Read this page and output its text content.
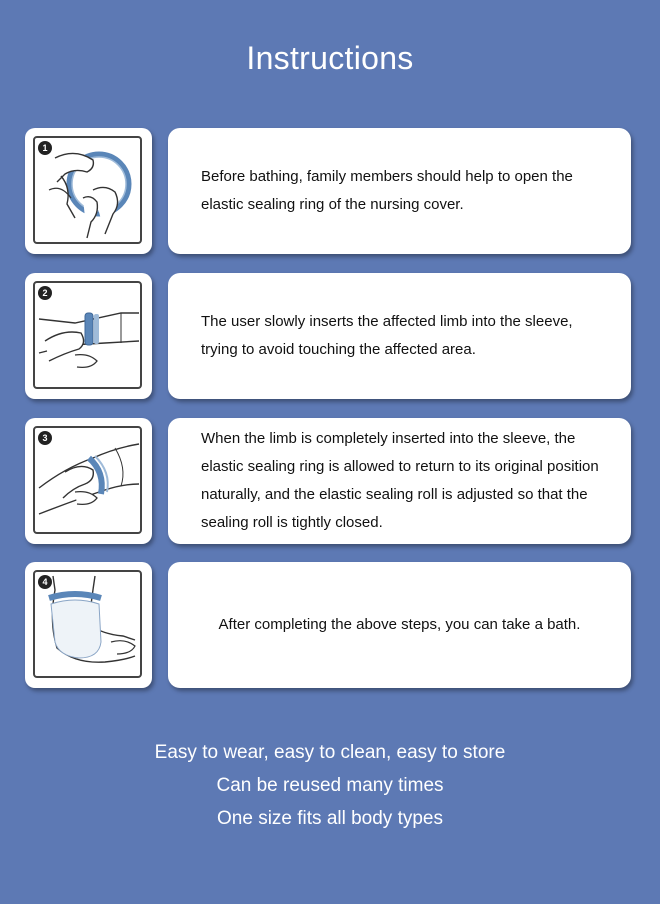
Instructions
1

Before bathing, family members should help to open the elastic sealing ring of the nursing cover.

2

The user slowly inserts the affected limb into the sleeve, trying to avoid touching the affected area.

3	When the limb is completely inserted into the sleeve, the elastic sealing ring is allowed to return to its original position naturally, and the elastic sealing roll is adjusted so that the sealing roll is tightly closed.

4

After completing the above steps, you can take a bath.

Easy to wear, easy to clean, easy to store
Can be reused many times
One size fits all body types
